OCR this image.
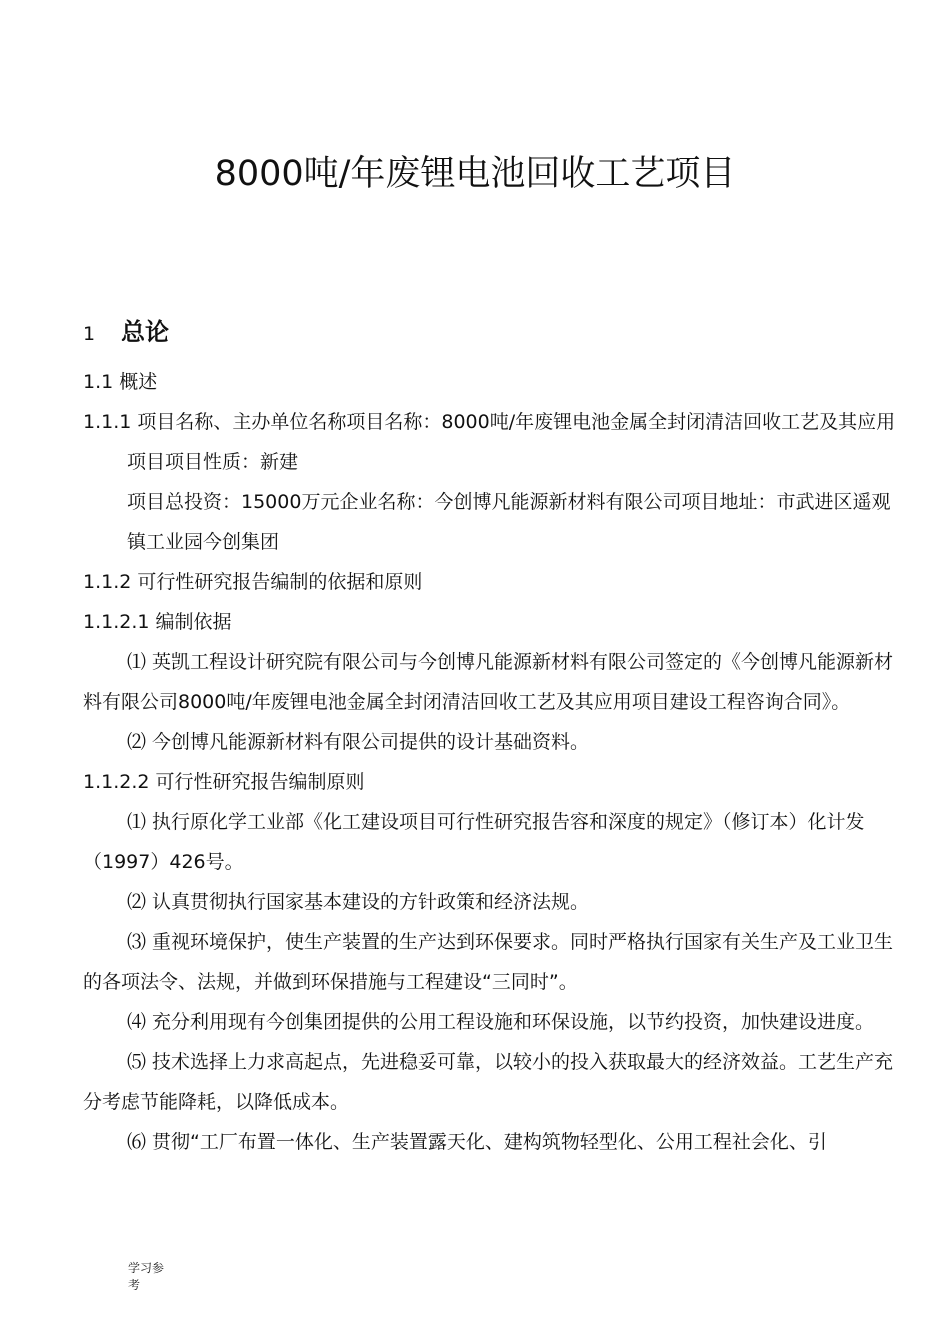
8000吨/年废锂电池回收工艺项目
1 总论

1.1 概述

1.1.1 项目名称、主办单位名称项目名称：8000吨/年废锂电池金属全封闭清洁回收工艺及其应用项目项目性质：新建

项目总投资：15000万元企业名称：今创博凡能源新材料有限公司项目地址：市武进区遥观镇工业园今创集团

1.1.2 可行性研究报告编制的依据和原则

1.1.2.1 编制依据

⑴ 英凯工程设计研究院有限公司与今创博凡能源新材料有限公司签定的《今创博凡能源新材料有限公司8000吨/年废锂电池金属全封闭清洁回收工艺及其应用项目建设工程咨询合同》。

⑵ 今创博凡能源新材料有限公司提供的设计基础资料。

1.1.2.2 可行性研究报告编制原则

⑴ 执行原化学工业部《化工建设项目可行性研究报告容和深度的规定》（修订本）化计发（1997）426号。

⑵ 认真贯彻执行国家基本建设的方针政策和经济法规。

⑶ 重视环境保护，使生产装置的生产达到环保要求。同时严格执行国家有关生产及工业卫生的各项法令、法规，并做到环保措施与工程建设“三同时”。

⑷ 充分利用现有今创集团提供的公用工程设施和环保设施，以节约投资，加快建设进度。

⑸ 技术选择上力求高起点，先进稳妥可靠，以较小的投入获取最大的经济效益。工艺生产充分考虑节能降耗，以降低成本。

⑹ 贯彻“工厂布置一体化、生产装置露天化、建构筑物轻型化、公用工程社会化、引

学习参考
